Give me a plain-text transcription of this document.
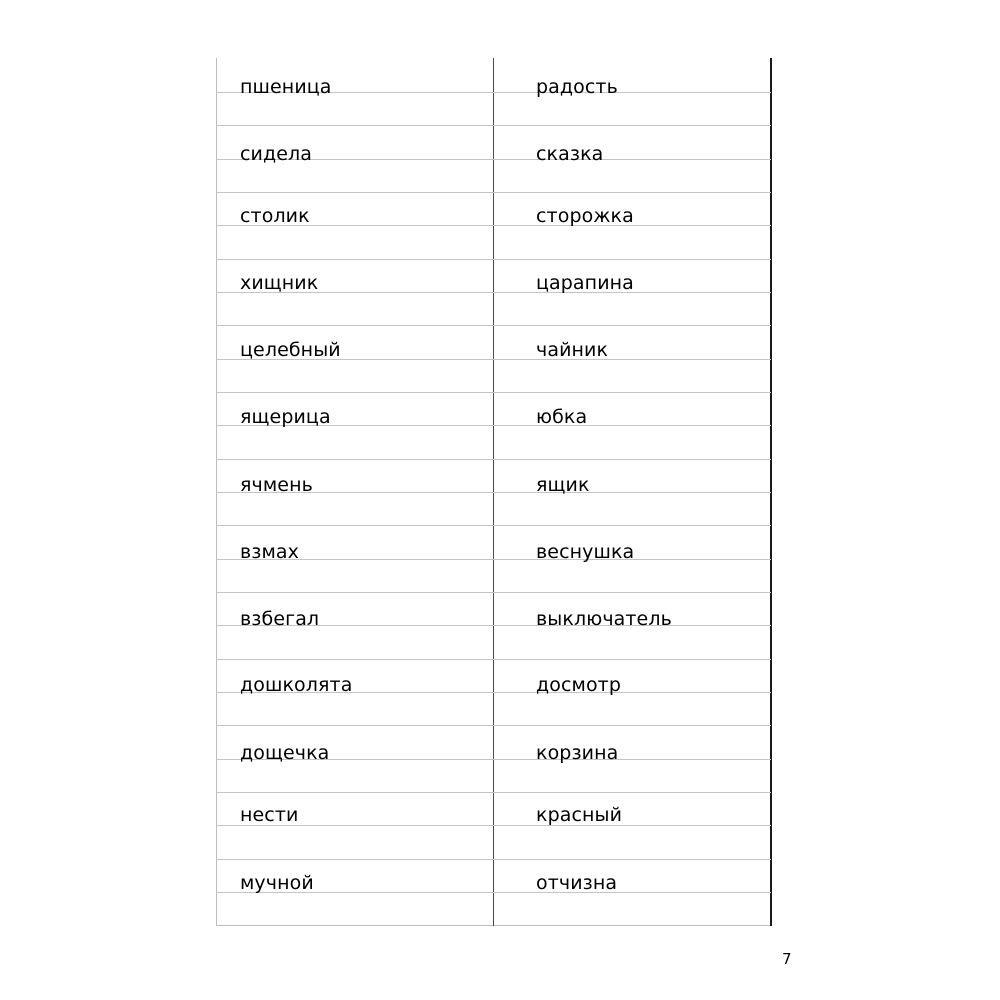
пшеница
сидела
столик
хищник
целебный
ящерица
ячмень
взмах
взбегал
дошколята
дощечка
нести
мучной
радость
сказка
сторожка
царапина
чайник
юбка
ящик
веснушка
выключатель
досмотр
корзина
красный
отчизна
7
